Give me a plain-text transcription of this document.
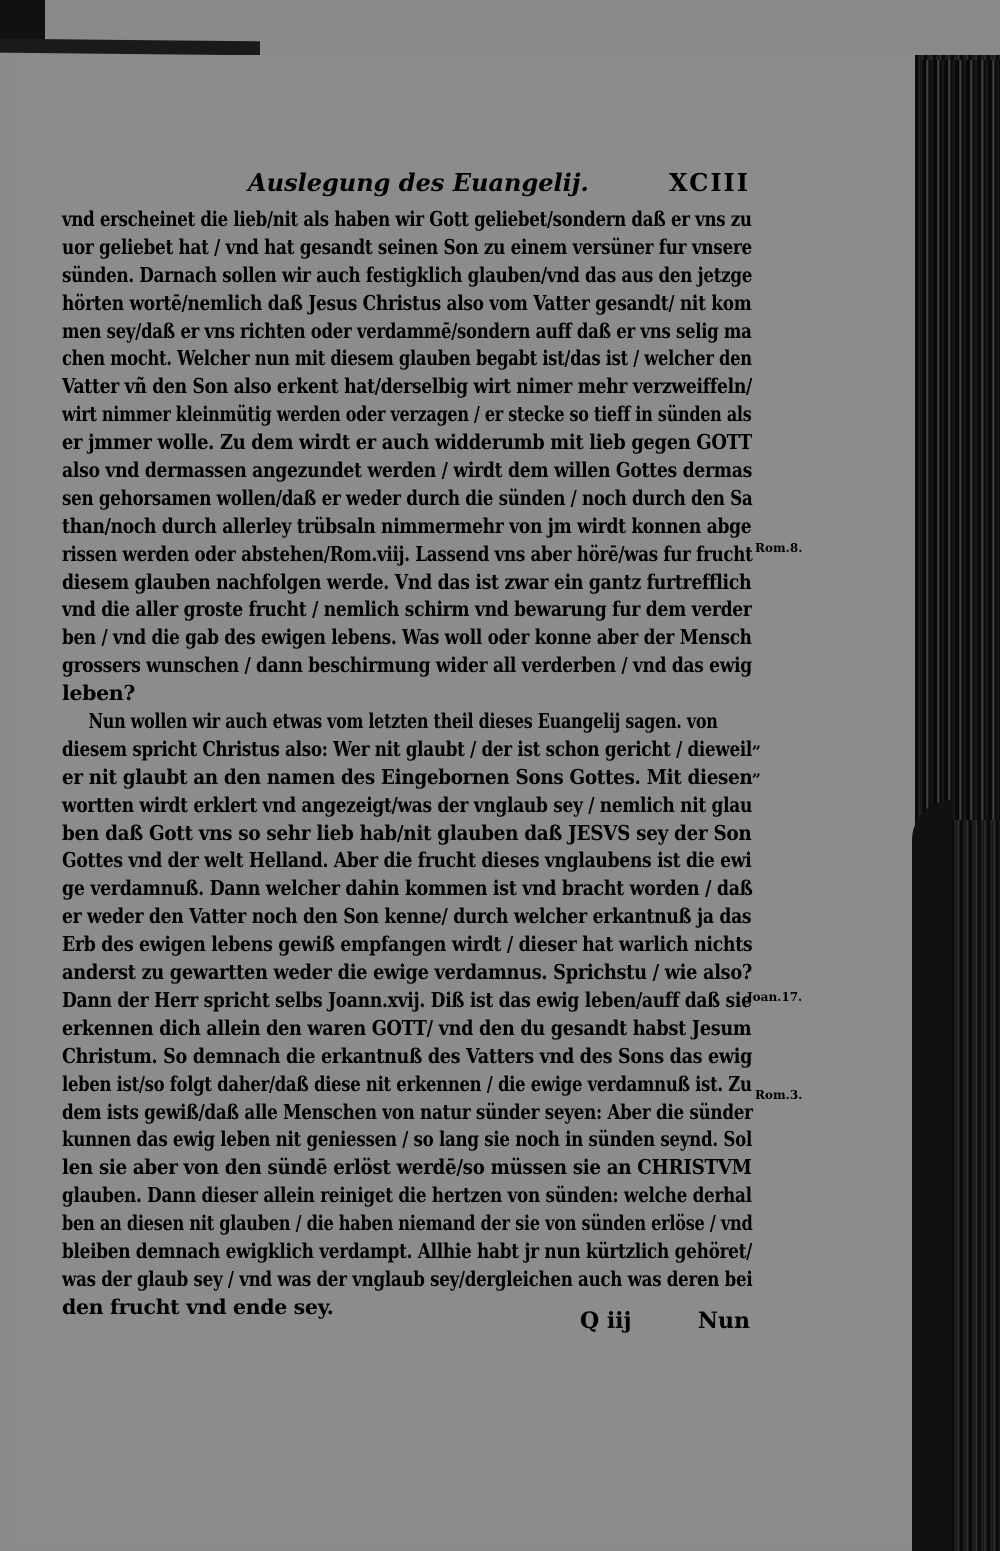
Auslegung des Euangelij.	XCIII
vnd erscheinet die lieb/nit als haben wir Gott geliebet/sondern daß er vns zu
uor geliebet hat / vnd hat gesandt seinen Son zu einem versüner fur vnsere
sünden. Darnach sollen wir auch festigklich glauben/vnd das aus den jetzge
hörten wortē/nemlich daß Jesus Christus also vom Vatter gesandt/ nit kom
men sey/daß er vns richten oder verdammē/sondern auff daß er vns selig ma
chen mocht. Welcher nun mit diesem glauben begabt ist/das ist / welcher den
Vatter vñ den Son also erkent hat/derselbig wirt nimer mehr verzweiffeln/
wirt nimmer kleinmütig werden oder verzagen / er stecke so tieff in sünden als
er jmmer wolle. Zu dem wirdt er auch widderumb mit lieb gegen GOTT
also vnd dermassen angezundet werden / wirdt dem willen Gottes dermas
sen gehorsamen wollen/daß er weder durch die sünden / noch durch den Sa
than/noch durch allerley trübsaln nimmermehr von jm wirdt konnen abge
rissen werden oder abstehen/Rom.viij. Lassend vns aber hörē/was fur frucht
diesem glauben nachfolgen werde. Vnd das ist zwar ein gantz furtrefflich
vnd die aller groste frucht / nemlich schirm vnd bewarung fur dem verder
ben / vnd die gab des ewigen lebens. Was woll oder konne aber der Mensch
grossers wunschen / dann beschirmung wider all verderben / vnd das ewig
leben?
Nun wollen wir auch etwas vom letzten theil dieses Euangelij sagen. von
diesem spricht Christus also: Wer nit glaubt / der ist schon gericht / dieweil
er nit glaubt an den namen des Eingebornen Sons Gottes. Mit diesen
wortten wirdt erklert vnd angezeigt/was der vnglaub sey / nemlich nit glau
ben daß Gott vns so sehr lieb hab/nit glauben daß JESVS sey der Son
Gottes vnd der welt Helland. Aber die frucht dieses vnglaubens ist die ewi
ge verdamnuß. Dann welcher dahin kommen ist vnd bracht worden / daß
er weder den Vatter noch den Son kenne/ durch welcher erkantnuß ja das
Erb des ewigen lebens gewiß empfangen wirdt / dieser hat warlich nichts
anderst zu gewartten weder die ewige verdamnus. Sprichstu / wie also?
Dann der Herr spricht selbs Joann.xvij. Diß ist das ewig leben/auff daß sie
erkennen dich allein den waren GOTT/ vnd den du gesandt habst Jesum
Christum. So demnach die erkantnuß des Vatters vnd des Sons das ewig
leben ist/so folgt daher/daß diese nit erkennen / die ewige verdamnuß ist. Zu
dem ists gewiß/daß alle Menschen von natur sünder seyen: Aber die sünder
kunnen das ewig leben nit geniessen / so lang sie noch in sünden seynd. Sol
len sie aber von den sündē erlöst werdē/so müssen sie an CHRISTVM
glauben. Dann dieser allein reiniget die hertzen von sünden: welche derhal
ben an diesen nit glauben / die haben niemand der sie von sünden erlöse / vnd
bleiben demnach ewigklich verdampt. Allhie habt jr nun kürtzlich gehöret/
was der glaub sey / vnd was der vnglaub sey/dergleichen auch was deren bei
den frucht vnd ende sey.
Rom.8.
„
„
Joan.17.
Rom.3.
Q iij	Nun
